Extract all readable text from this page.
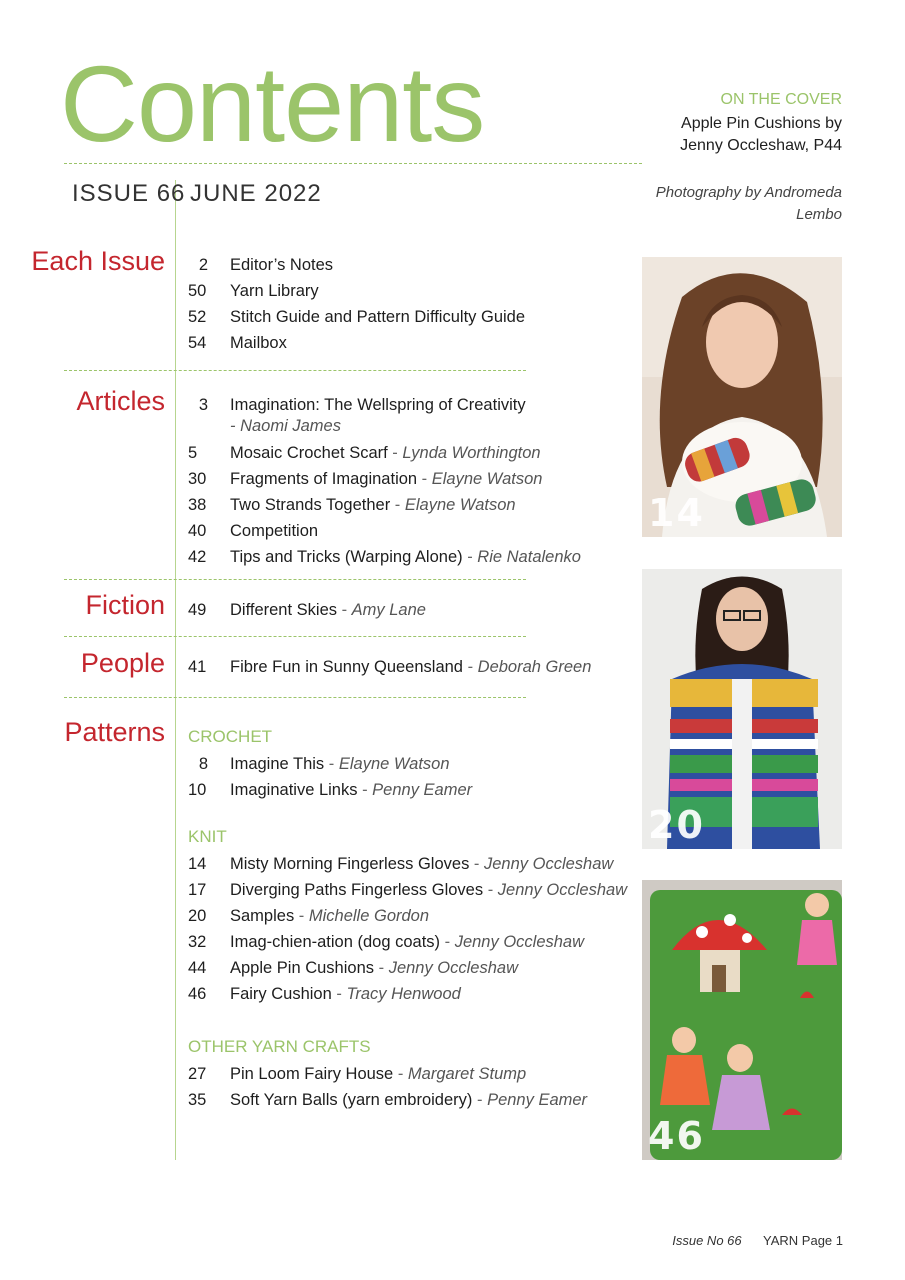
Contents
ISSUE 66 JUNE 2022
ON THE COVER
Apple Pin Cushions by Jenny Occleshaw, P44
Photography by Andromeda Lembo
Each Issue
Articles
Fiction
People
Patterns
2 Editor’s Notes
50 Yarn Library
52 Stitch Guide and Pattern Difficulty Guide
54 Mailbox
3 Imagination: The Wellspring of Creativity
- Naomi James
5 Mosaic Crochet Scarf - Lynda Worthington
30 Fragments of Imagination - Elayne Watson
38 Two Strands Together - Elayne Watson
40 Competition
42 Tips and Tricks (Warping Alone) - Rie Natalenko
49 Different Skies - Amy Lane
41 Fibre Fun in Sunny Queensland - Deborah Green
CROCHET
8 Imagine This - Elayne Watson
10 Imaginative Links - Penny Eamer
KNIT
14 Misty Morning Fingerless Gloves - Jenny Occleshaw
17 Diverging Paths Fingerless Gloves - Jenny Occleshaw
20 Samples - Michelle Gordon
32 Imag-chien-ation (dog coats) - Jenny Occleshaw
44 Apple Pin Cushions - Jenny Occleshaw
46 Fairy Cushion - Tracy Henwood
OTHER YARN CRAFTS
27 Pin Loom Fairy House - Margaret Stump
35 Soft Yarn Balls (yarn embroidery) - Penny Eamer
14
20
46
Issue No 66 YARN Page 1
